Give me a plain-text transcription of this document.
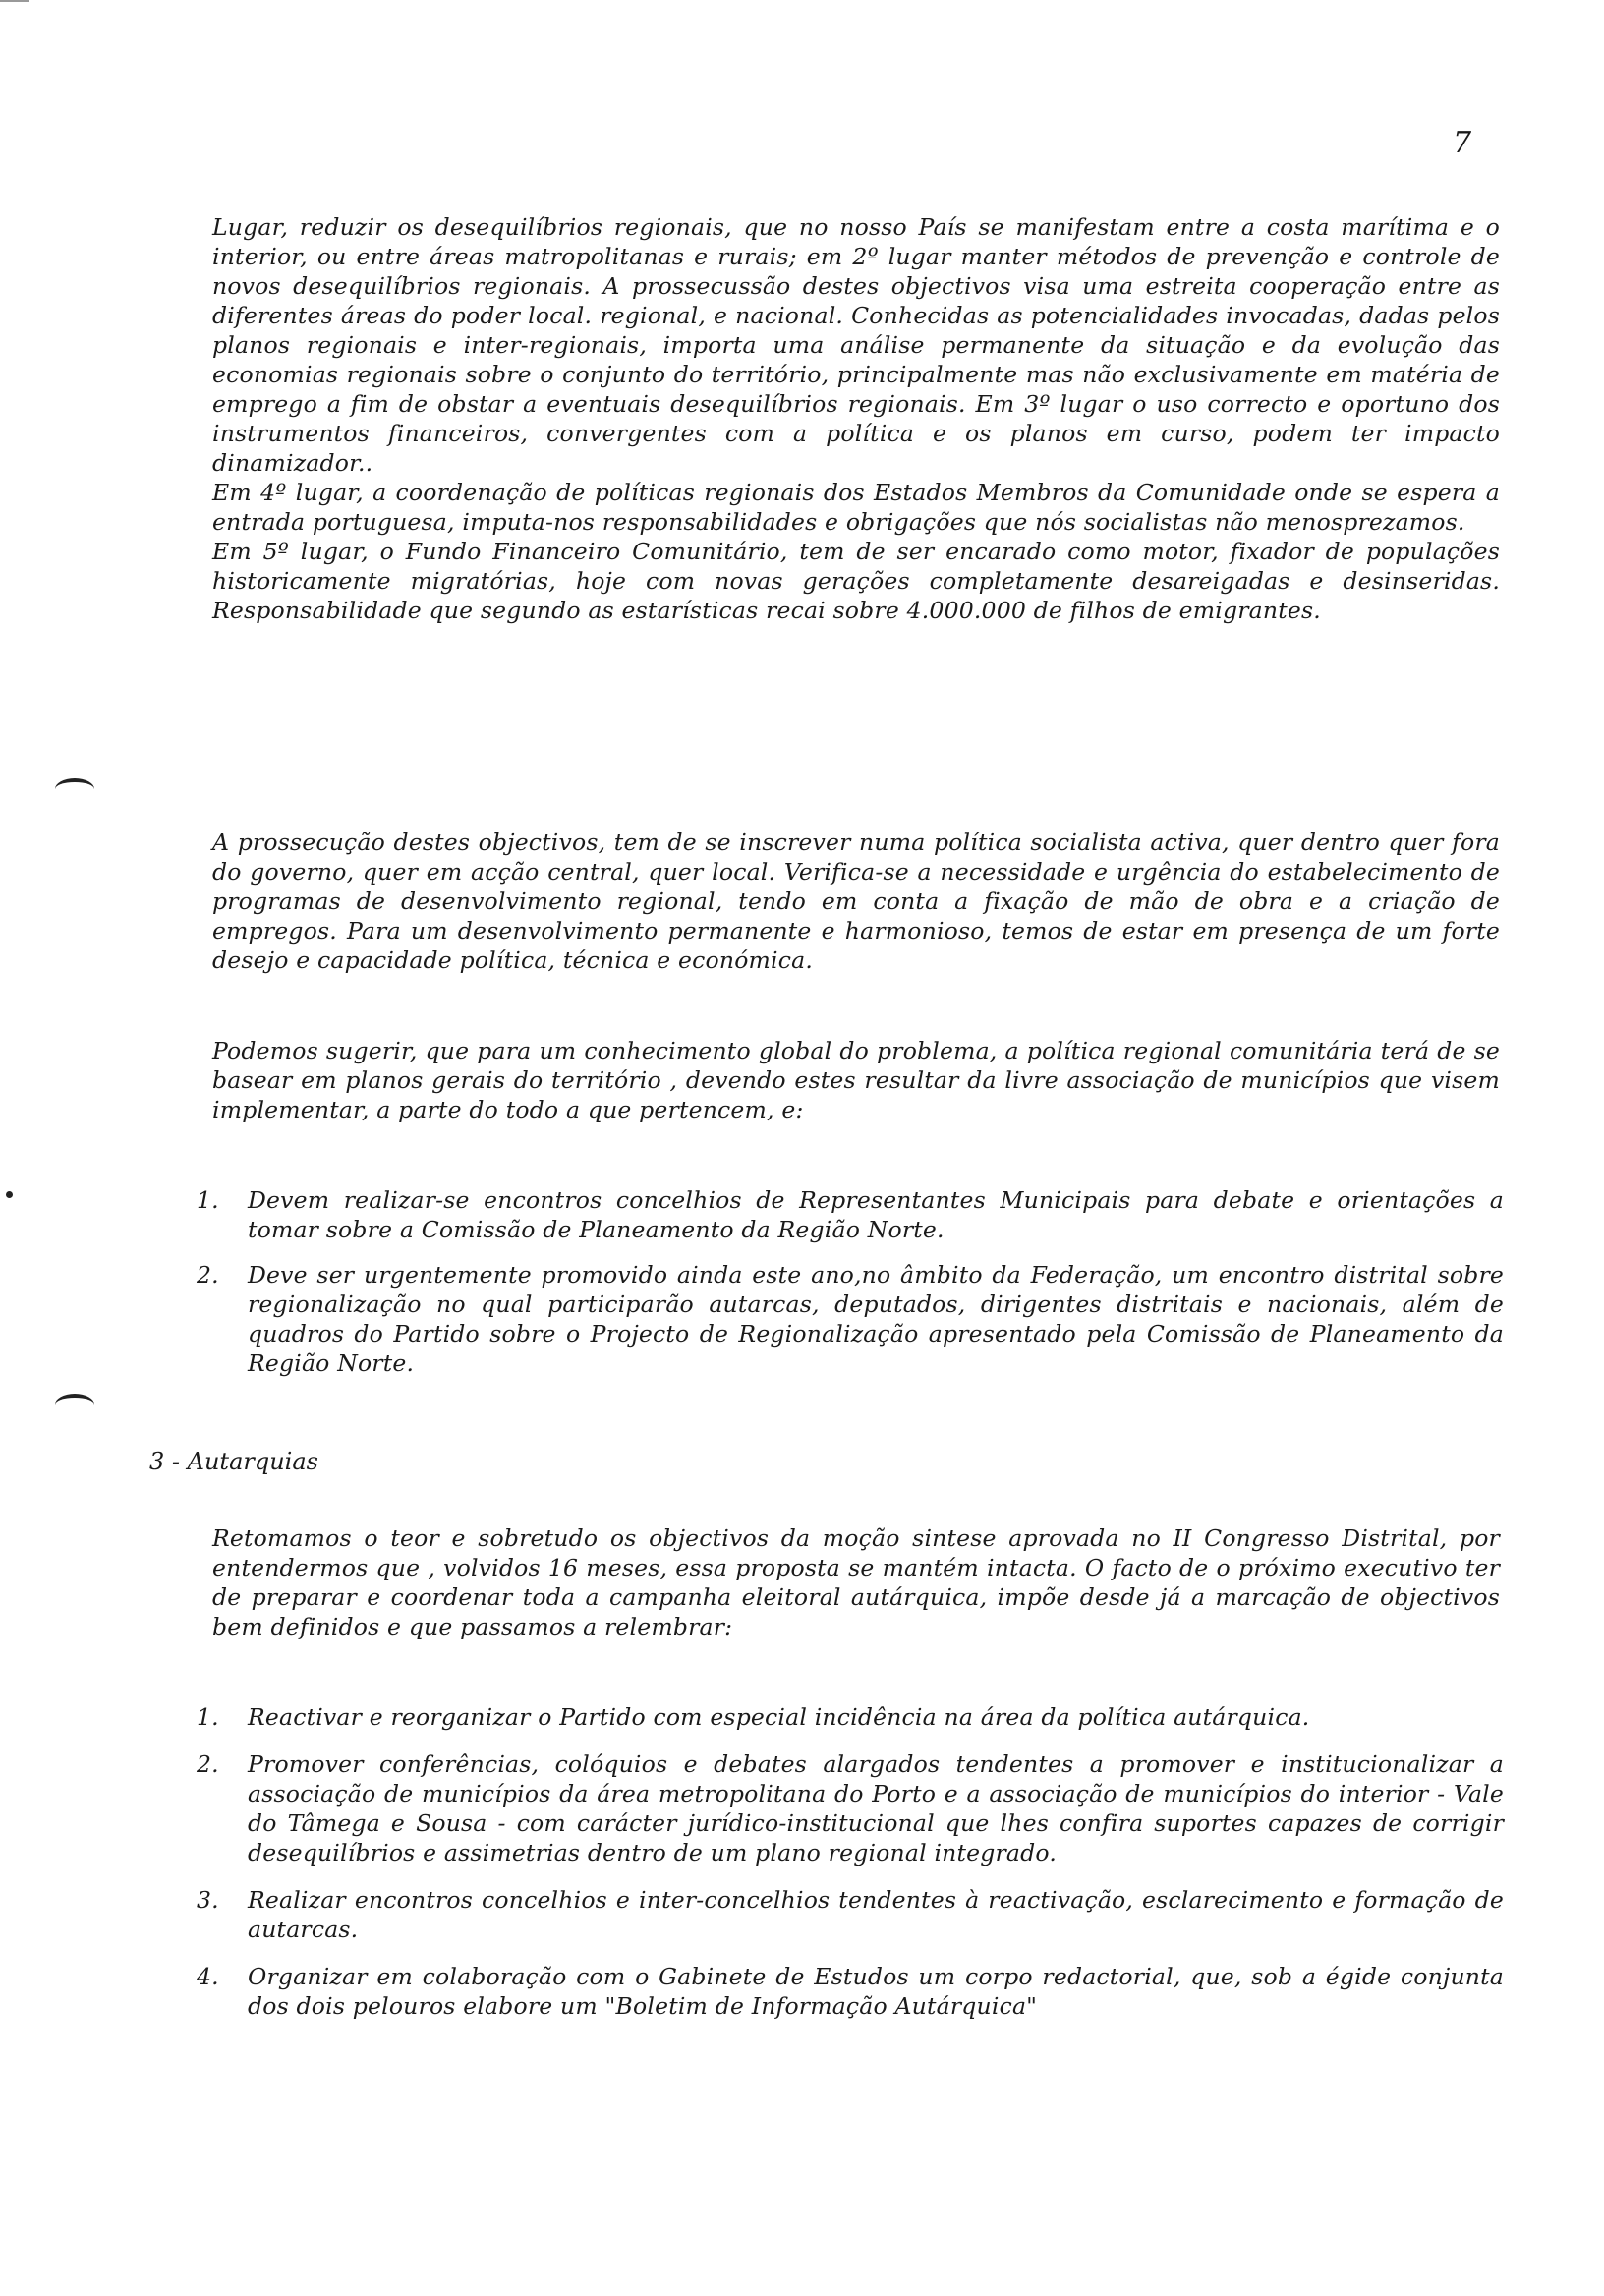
7

Lugar, reduzir os desequilíbrios regionais, que no nosso País se manifestam entre a costa marítima e o interior, ou entre áreas matropolitanas e rurais; em 2º lugar manter métodos de prevenção e controle de novos desequilíbrios regionais. A prossecussão destes objectivos visa uma estreita cooperação entre as diferentes áreas do poder local. regional, e nacional. Conhecidas as potencialidades invocadas, dadas pelos planos regionais e inter-regionais, importa uma análise permanente da situação e da evolução das economias regionais sobre o conjunto do território, principalmente mas não exclusivamente em matéria de emprego a fim de obstar a eventuais desequilíbrios regionais. Em 3º lugar o uso correcto e oportuno dos instrumentos financeiros, convergentes com a política e os planos em curso, podem ter impacto dinamizador..

Em 4º lugar, a coordenação de políticas regionais dos Estados Membros da Comunidade onde se espera a entrada portuguesa, imputa-nos responsabilidades e obrigações que nós socialistas não menosprezamos.

Em 5º lugar, o Fundo Financeiro Comunitário, tem de ser encarado como motor, fixador de populações historicamente migratórias, hoje com novas gerações completamente desareigadas e desinseridas. Responsabilidade que segundo as estarísticas recai sobre 4.000.000 de filhos de emigrantes.

A prossecução destes objectivos, tem de se inscrever numa política socialista activa, quer dentro quer fora do governo, quer em acção central, quer local. Verifica-se a necessidade e urgência do estabelecimento de programas de desenvolvimento regional, tendo em conta a fixação de mão de obra e a criação de empregos. Para um desenvolvimento permanente e harmonioso, temos de estar em presença de um forte desejo e capacidade política, técnica e económica.

Podemos sugerir, que para um conhecimento global do problema, a política regional comunitária terá de se basear em planos gerais do território , devendo estes resultar da livre associação de municípios que visem implementar, a parte do todo a que pertencem, e:

1.	Devem realizar-se encontros concelhios de Representantes Municipais para debate e orientações a tomar sobre a Comissão de Planeamento da Região Norte.
2.	Deve ser urgentemente promovido ainda este ano,no âmbito da Federação, um encontro distrital sobre regionalização no qual participarão autarcas, deputados, dirigentes distritais e nacionais, além de quadros do Partido sobre o Projecto de Regionalização apresentado pela Comissão de Planeamento da Região Norte.
3 - Autarquias

Retomamos o teor e sobretudo os objectivos da moção sintese aprovada no II Congresso Distrital, por entendermos que , volvidos 16 meses, essa proposta se mantém intacta. O facto de o próximo executivo ter de preparar e coordenar toda a campanha eleitoral autárquica, impõe desde já a marcação de objectivos bem definidos e que passamos a relembrar:

1.	Reactivar e reorganizar o Partido com especial incidência na área da política autárquica.
2.	Promover conferências, colóquios e debates alargados tendentes a promover e institucionalizar a associação de municípios da área metropolitana do Porto e a associação de municípios do interior - Vale do Tâmega e Sousa - com carácter jurídico-institucional que lhes confira suportes capazes de corrigir desequilíbrios e assimetrias dentro de um plano regional integrado.
3.	Realizar encontros concelhios e inter-concelhios tendentes à reactivação, esclarecimento e formação de autarcas.
4.	Organizar em colaboração com o Gabinete de Estudos um corpo redactorial, que, sob a égide conjunta dos dois pelouros elabore um "Boletim de Informação Autárquica"
